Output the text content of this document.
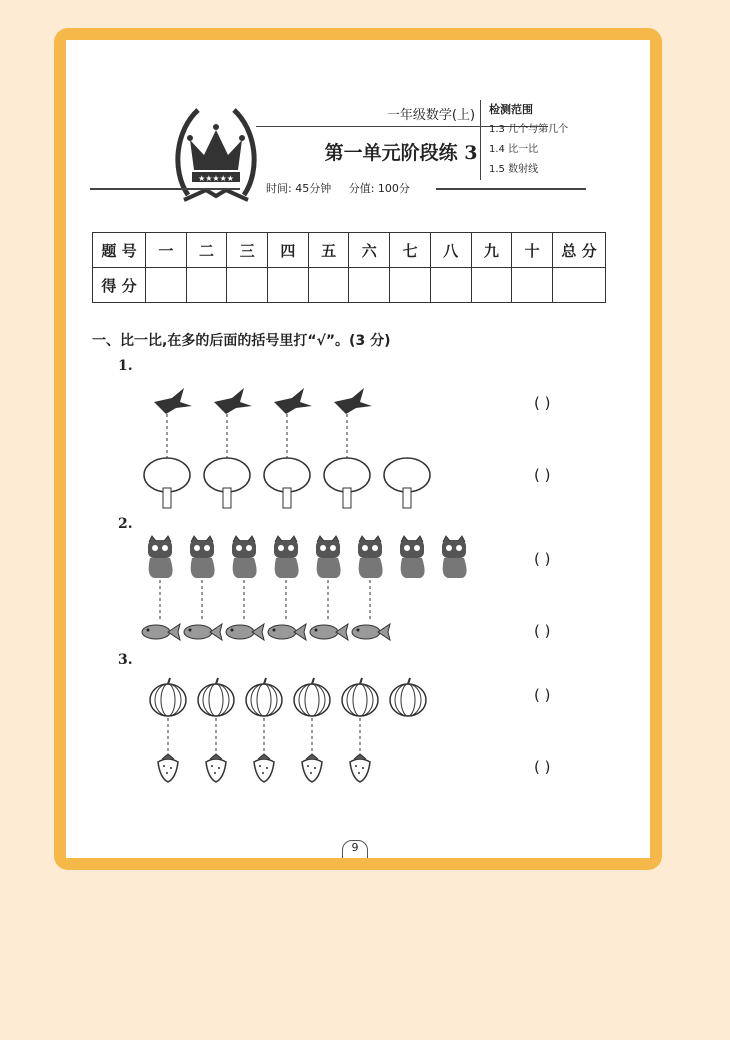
★★★★★
一年级数学(上)
第一单元阶段练 3
时间: 45分钟 分值: 100分
检测范围
1.3 几个与第几个
1.4 比一比
1.5 数射线
题 号	一	二	三	四	五	六	七	八	九	十	总 分
得 分											
一、比一比,在多的后面的括号里打“√”。(3 分)
1.
( )
( )
2.
( )
( )
3.
( )
( )
9
